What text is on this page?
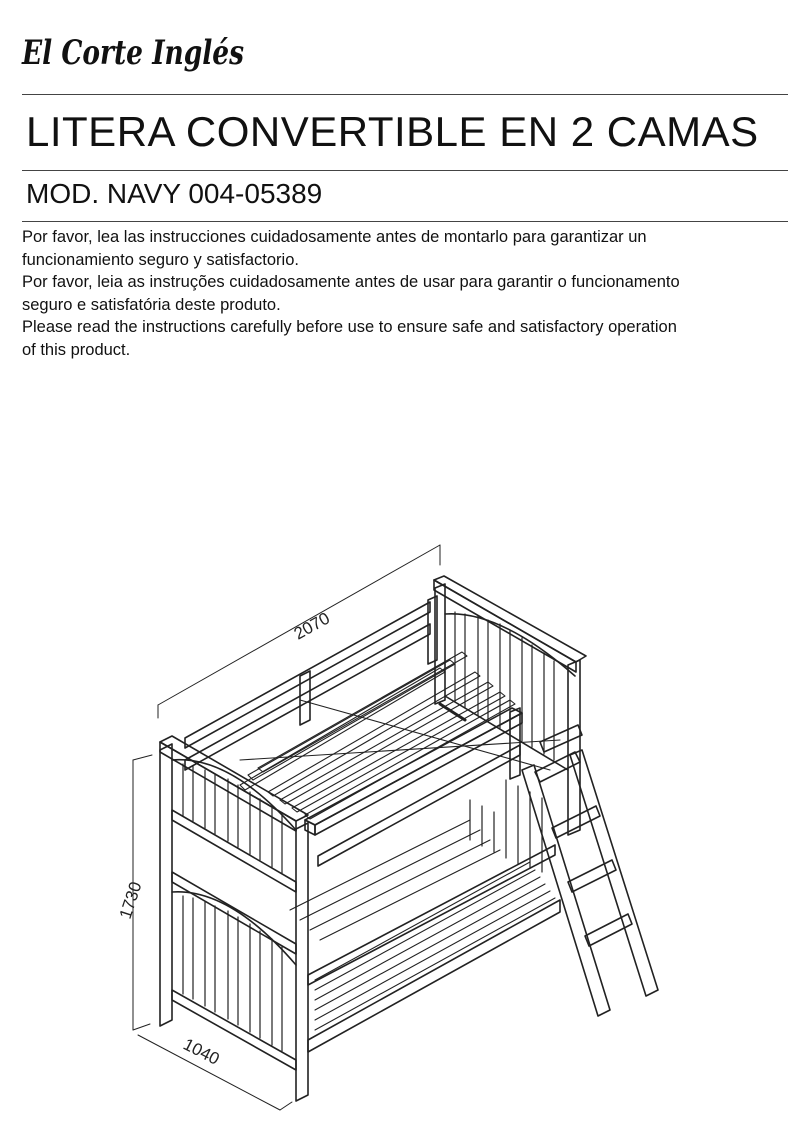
El Corte Inglés
LITERA CONVERTIBLE EN 2 CAMAS
MOD. NAVY 004-05389

Por favor, lea las instrucciones cuidadosamente antes de montarlo para garantizar un

funcionamiento seguro y satisfactorio.

Por favor, leia as instruções cuidadosamente antes de usar para garantir o funcionamento

seguro e satisfatória deste produto.

Please read the instructions carefully before use to ensure safe and satisfactory operation

of this product.

2070
1730
1040
